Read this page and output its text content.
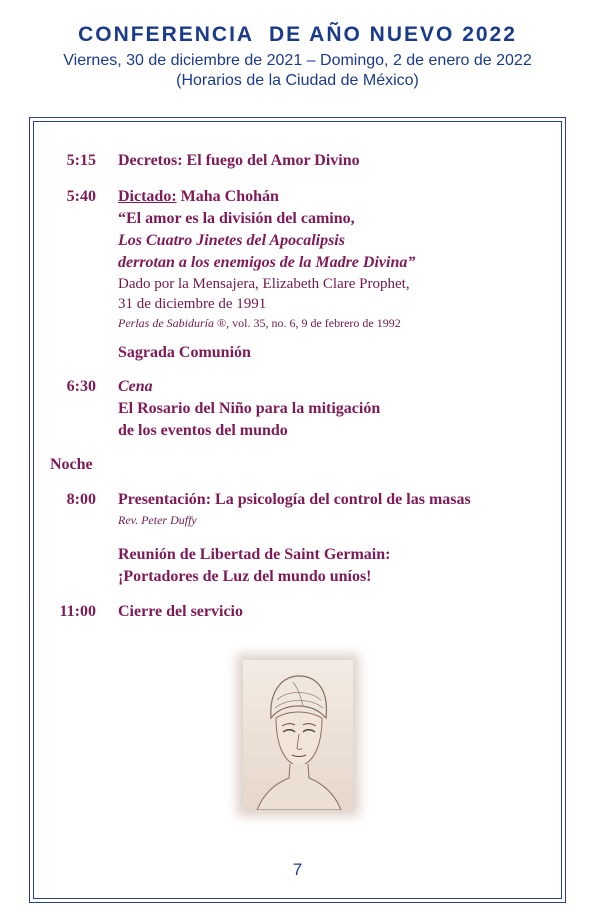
CONFERENCIA  DE AÑO NUEVO 2022
Viernes, 30 de diciembre de 2021 – Domingo, 2 de enero de 2022
(Horarios de la Ciudad de México)
5:15 Decretos: El fuego del Amor Divino
5:40 Dictado: Maha Chohán
“El amor es la división del camino,
Los Cuatro Jinetes del Apocalipsis
derrotan a los enemigos de la Madre Divina”
Dado por la Mensajera, Elizabeth Clare Prophet,
31 de diciembre de 1991
Perlas de Sabiduría ®, vol. 35, no. 6, 9 de febrero de 1992
Sagrada Comunión
6:30 Cena
El Rosario del Niño para la mitigación
de los eventos del mundo
Noche
8:00 Presentación: La psicología del control de las masas
Rev. Peter Duffy
Reunión de Libertad de Saint Germain:
¡Portadores de Luz del mundo uníos!
11:00 Cierre del servicio
7
